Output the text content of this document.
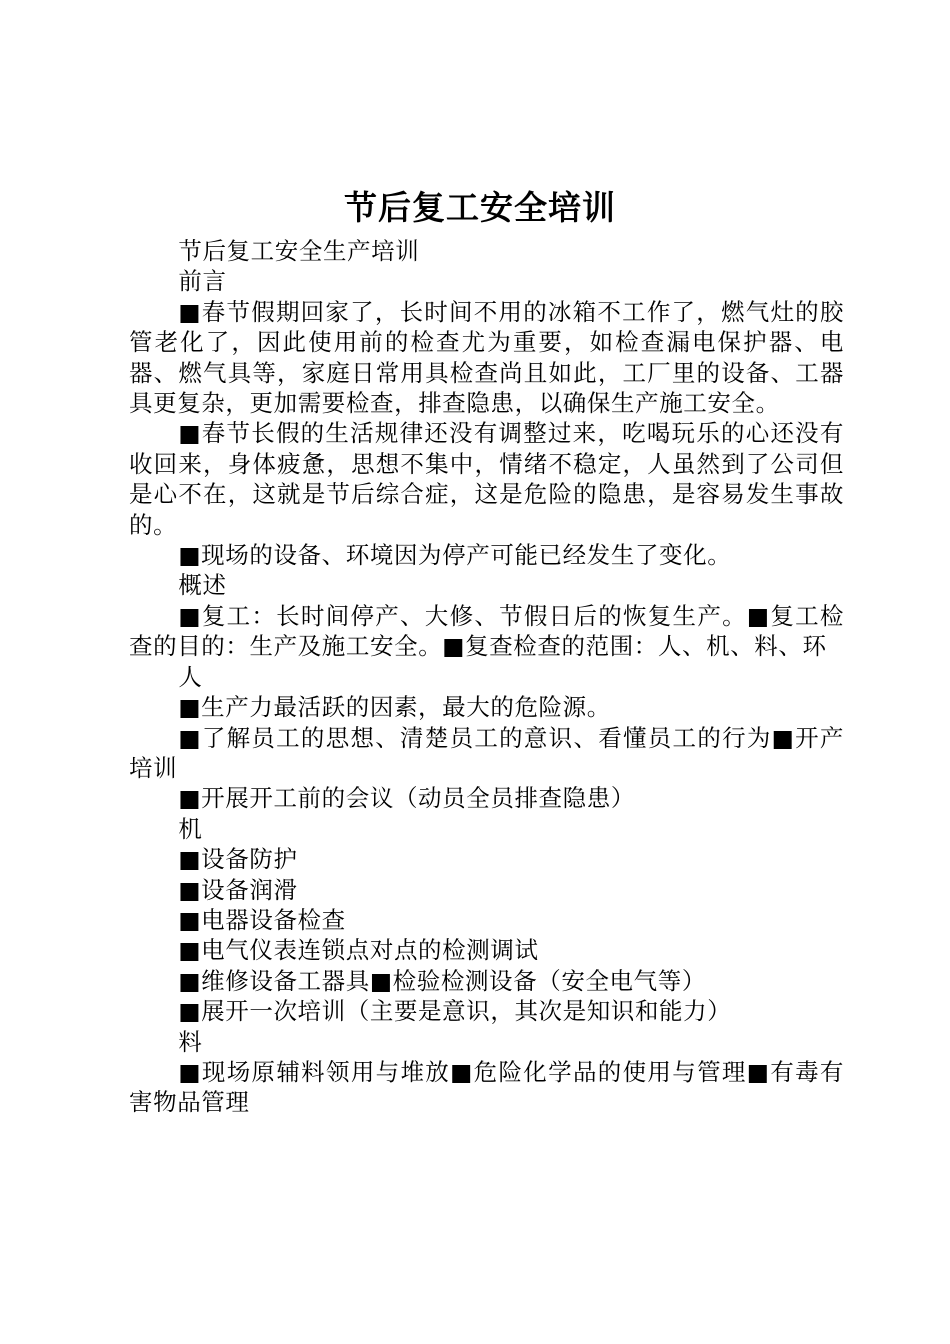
节后复工安全培训

节后复工安全生产培训

前言

■春节假期回家了，长时间不用的冰箱不工作了，燃气灶的胶管老化了，因此使用前的检查尤为重要，如检查漏电保护器、电器、燃气具等，家庭日常用具检查尚且如此，工厂里的设备、工器具更复杂，更加需要检查，排查隐患，以确保生产施工安全。

■春节长假的生活规律还没有调整过来，吃喝玩乐的心还没有收回来，身体疲惫，思想不集中，情绪不稳定，人虽然到了公司但是心不在，这就是节后综合症，这是危险的隐患，是容易发生事故的。

■现场的设备、环境因为停产可能已经发生了变化。

概述

■复工：长时间停产、大修、节假日后的恢复生产。■复工检查的目的：生产及施工安全。■复查检查的范围：人、机、料、环

人

■生产力最活跃的因素，最大的危险源。

■了解员工的思想、清楚员工的意识、看懂员工的行为■开产培训

■开展开工前的会议（动员全员排查隐患）

机

■设备防护

■设备润滑

■电器设备检查

■电气仪表连锁点对点的检测调试

■维修设备工器具■检验检测设备（安全电气等）

■展开一次培训（主要是意识，其次是知识和能力）

料

■现场原辅料领用与堆放■危险化学品的使用与管理■有毒有害物品管理
